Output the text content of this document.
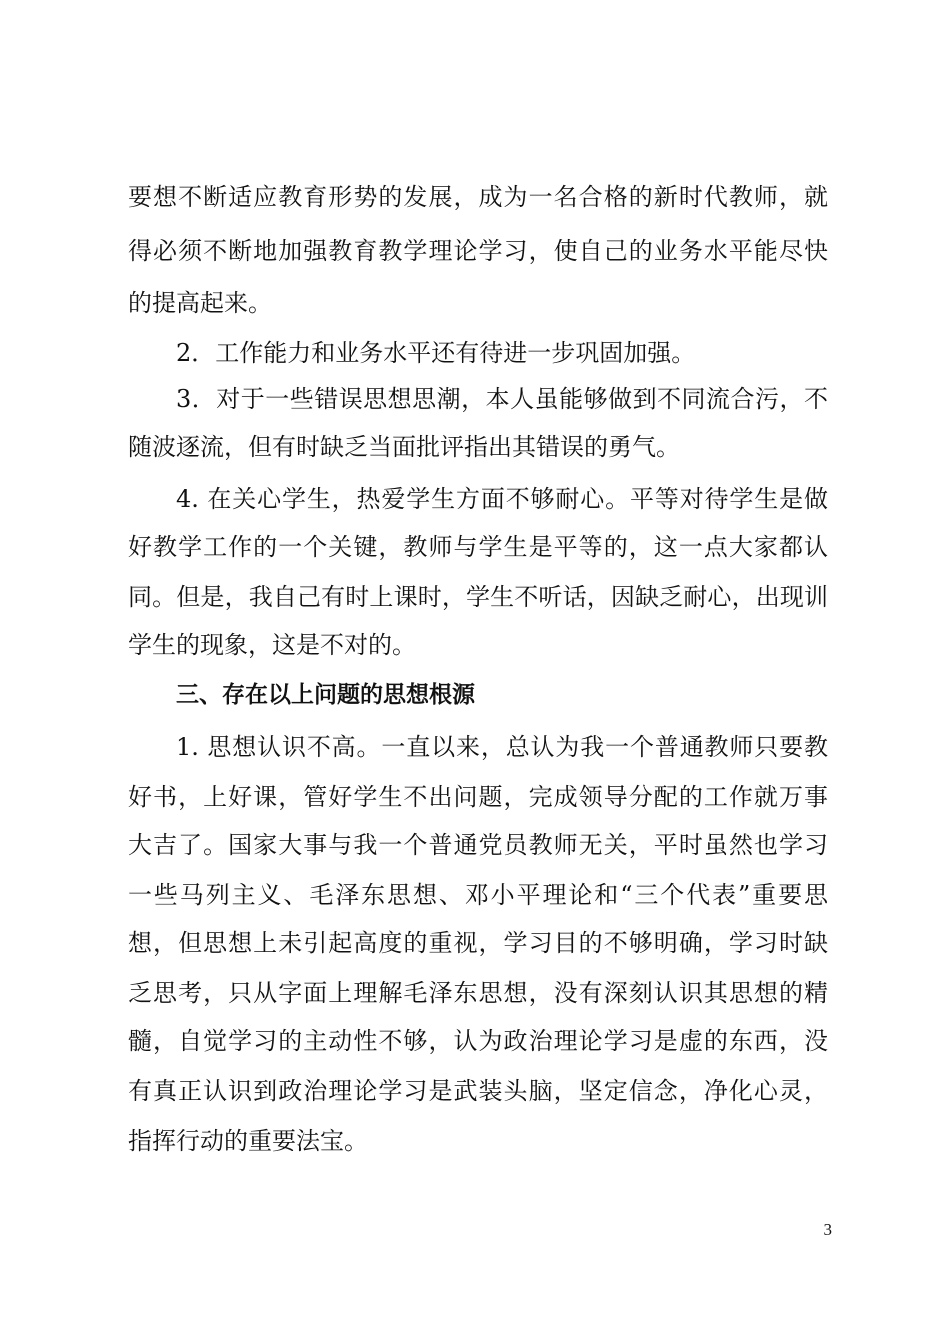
要想不断适应教育形势的发展，成为一名合格的新时代教师，就
得必须不断地加强教育教学理论学习，使自己的业务水平能尽快
的提高起来。
2．工作能力和业务水平还有待进一步巩固加强。
3．对于一些错误思想思潮，本人虽能够做到不同流合污，不
随波逐流，但有时缺乏当面批评指出其错误的勇气。
4. 在关心学生，热爱学生方面不够耐心。平等对待学生是做
好教学工作的一个关键，教师与学生是平等的，这一点大家都认
同。但是，我自己有时上课时，学生不听话，因缺乏耐心，出现训
学生的现象，这是不对的。
三、存在以上问题的思想根源
1. 思想认识不高。一直以来，总认为我一个普通教师只要教
好书，上好课，管好学生不出问题，完成领导分配的工作就万事
大吉了。国家大事与我一个普通党员教师无关，平时虽然也学习
一些马列主义、毛泽东思想、邓小平理论和“三个代表”重要思
想，但思想上未引起高度的重视，学习目的不够明确，学习时缺
乏思考，只从字面上理解毛泽东思想，没有深刻认识其思想的精
髓，自觉学习的主动性不够，认为政治理论学习是虚的东西，没
有真正认识到政治理论学习是武装头脑，坚定信念，净化心灵，
指挥行动的重要法宝。
3
